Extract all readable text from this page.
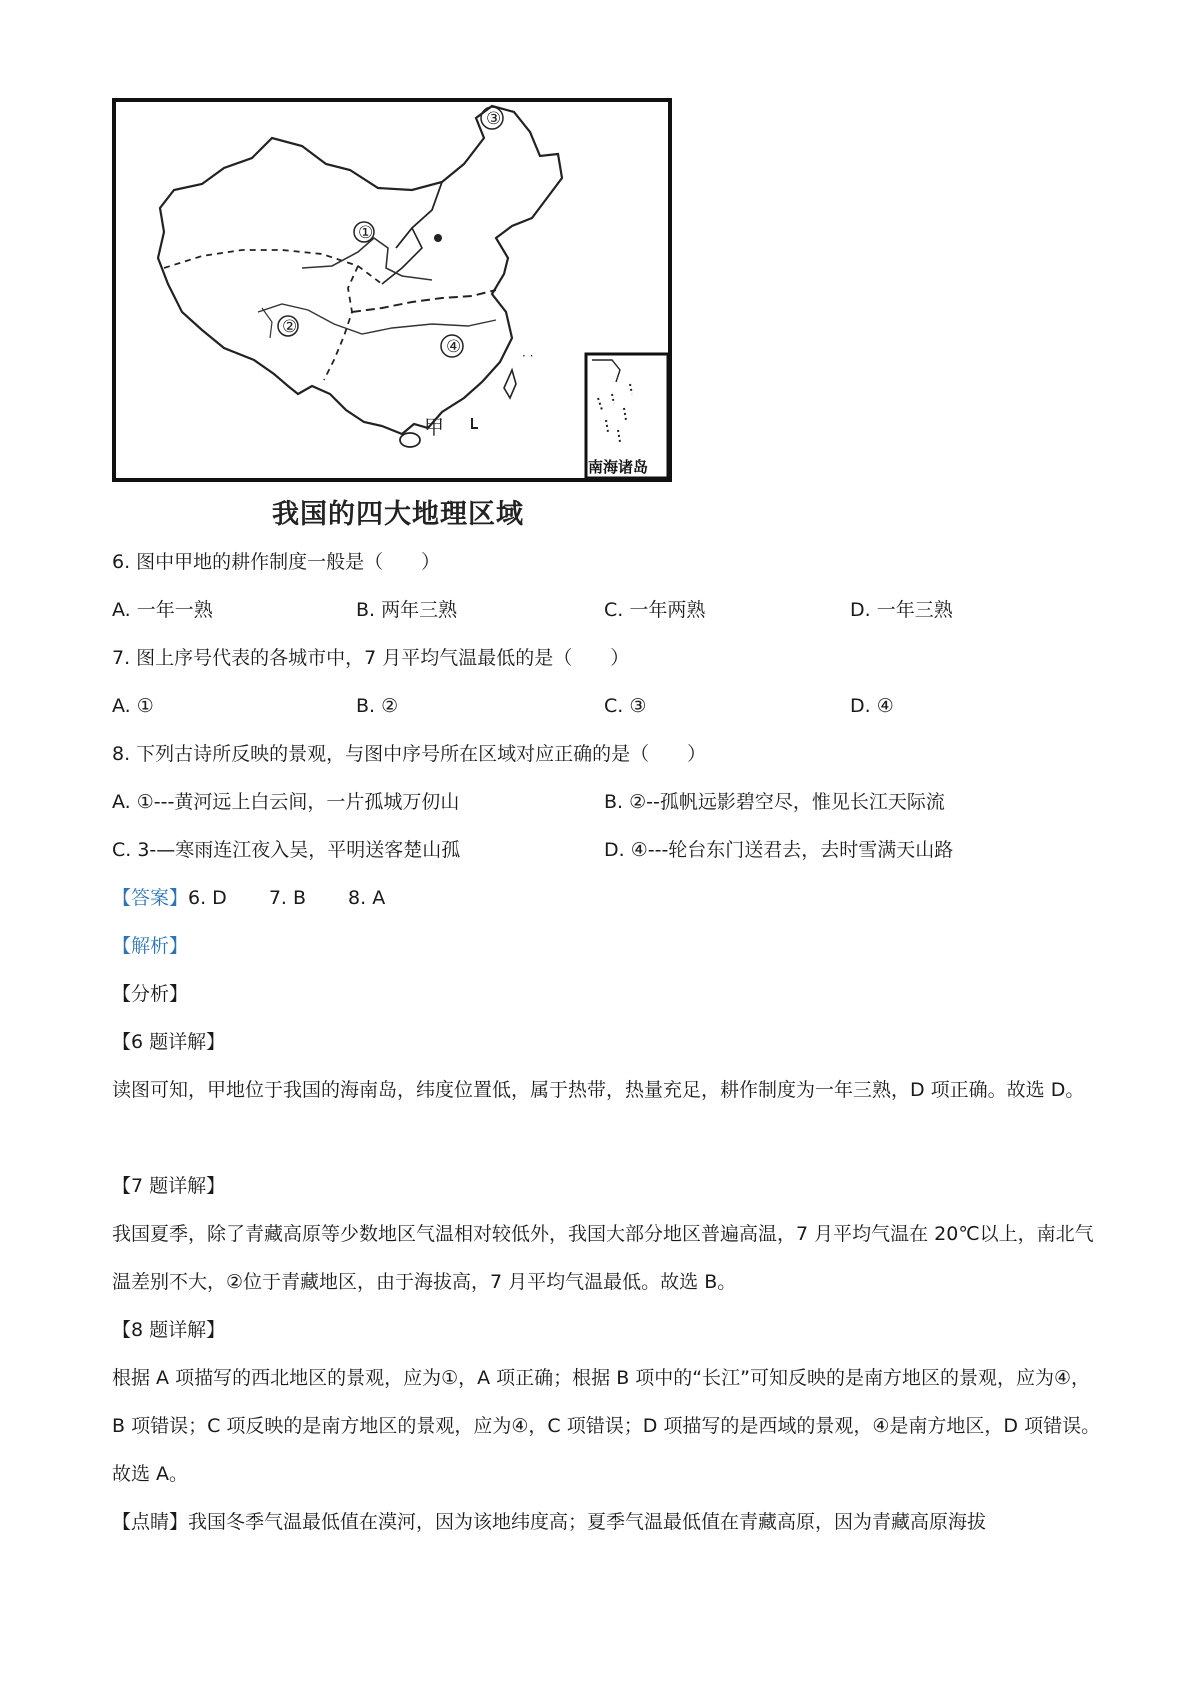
· ·
①
②
③
④
甲
南海诸岛
我国的四大地理区域
6. 图中甲地的耕作制度一般是（　　）
A. 一年一熟	B. 两年三熟	C. 一年两熟	D. 一年三熟
7. 图上序号代表的各城市中，7 月平均气温最低的是（　　）
A. ①	B. ②	C. ③	D. ④
8. 下列古诗所反映的景观，与图中序号所在区域对应正确的是（　　）
A. ①---黄河远上白云间，一片孤城万仞山	B. ②--孤帆远影碧空尽，惟见长江天际流
C. 3-—寒雨连江夜入吴，平明送客楚山孤	D. ④---轮台东门送君去，去时雪满天山路
【答案】6. D 7. B 8. A
【解析】
【分析】
【6 题详解】
读图可知，甲地位于我国的海南岛，纬度位置低，属于热带，热量充足，耕作制度为一年三熟，D 项正确。故选 D。
【7 题详解】
我国夏季，除了青藏高原等少数地区气温相对较低外，我国大部分地区普遍高温，7 月平均气温在 20℃以上，南北气温差别不大，②位于青藏地区，由于海拔高，7 月平均气温最低。故选 B。
【8 题详解】
根据 A 项描写的西北地区的景观，应为①，A 项正确；根据 B 项中的“长江”可知反映的是南方地区的景观，应为④，B 项错误；C 项反映的是南方地区的景观，应为④，C 项错误；D 项描写的是西域的景观，④是南方地区，D 项错误。故选 A。
【点睛】我国冬季气温最低值在漠河，因为该地纬度高；夏季气温最低值在青藏高原，因为青藏高原海拔
